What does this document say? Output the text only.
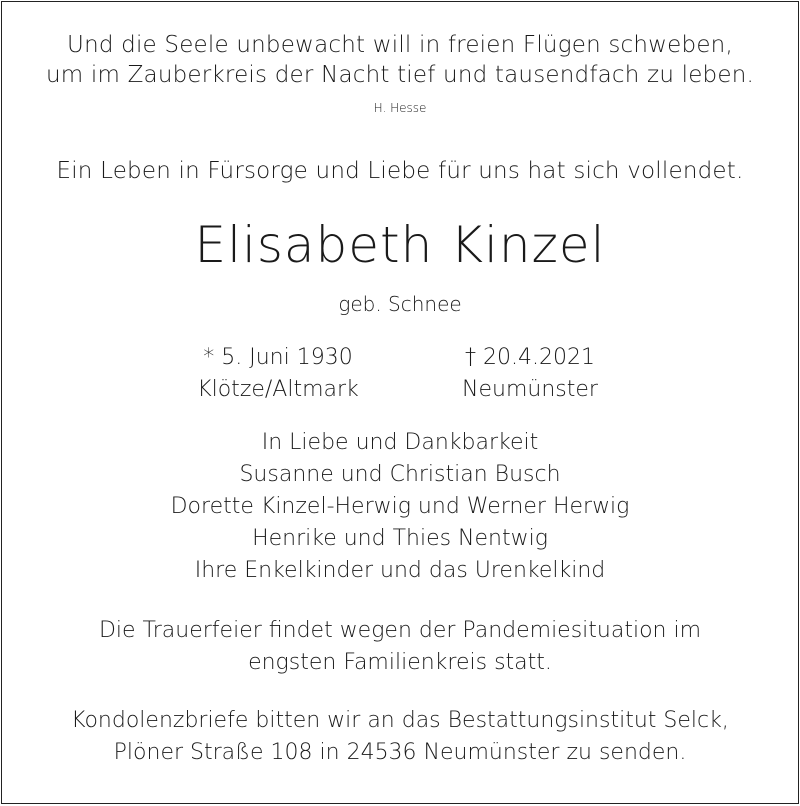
Und die Seele unbewacht will in freien Flügen schweben,
um im Zauberkreis der Nacht tief und tausendfach zu leben.
H. Hesse
Ein Leben in Fürsorge und Liebe für uns hat sich vollendet.
Elisabeth Kinzel
geb. Schnee
* 5. Juni 1930
Klötze/Altmark
† 20.4.2021
Neumünster
In Liebe und Dankbarkeit
Susanne und Christian Busch
Dorette Kinzel-Herwig und Werner Herwig
Henrike und Thies Nentwig
Ihre Enkelkinder und das Urenkelkind
Die Trauerfeier findet wegen der Pandemiesituation im
engsten Familienkreis statt.
Kondolenzbriefe bitten wir an das Bestattungsinstitut Selck,
Plöner Straße 108 in 24536 Neumünster zu senden.
